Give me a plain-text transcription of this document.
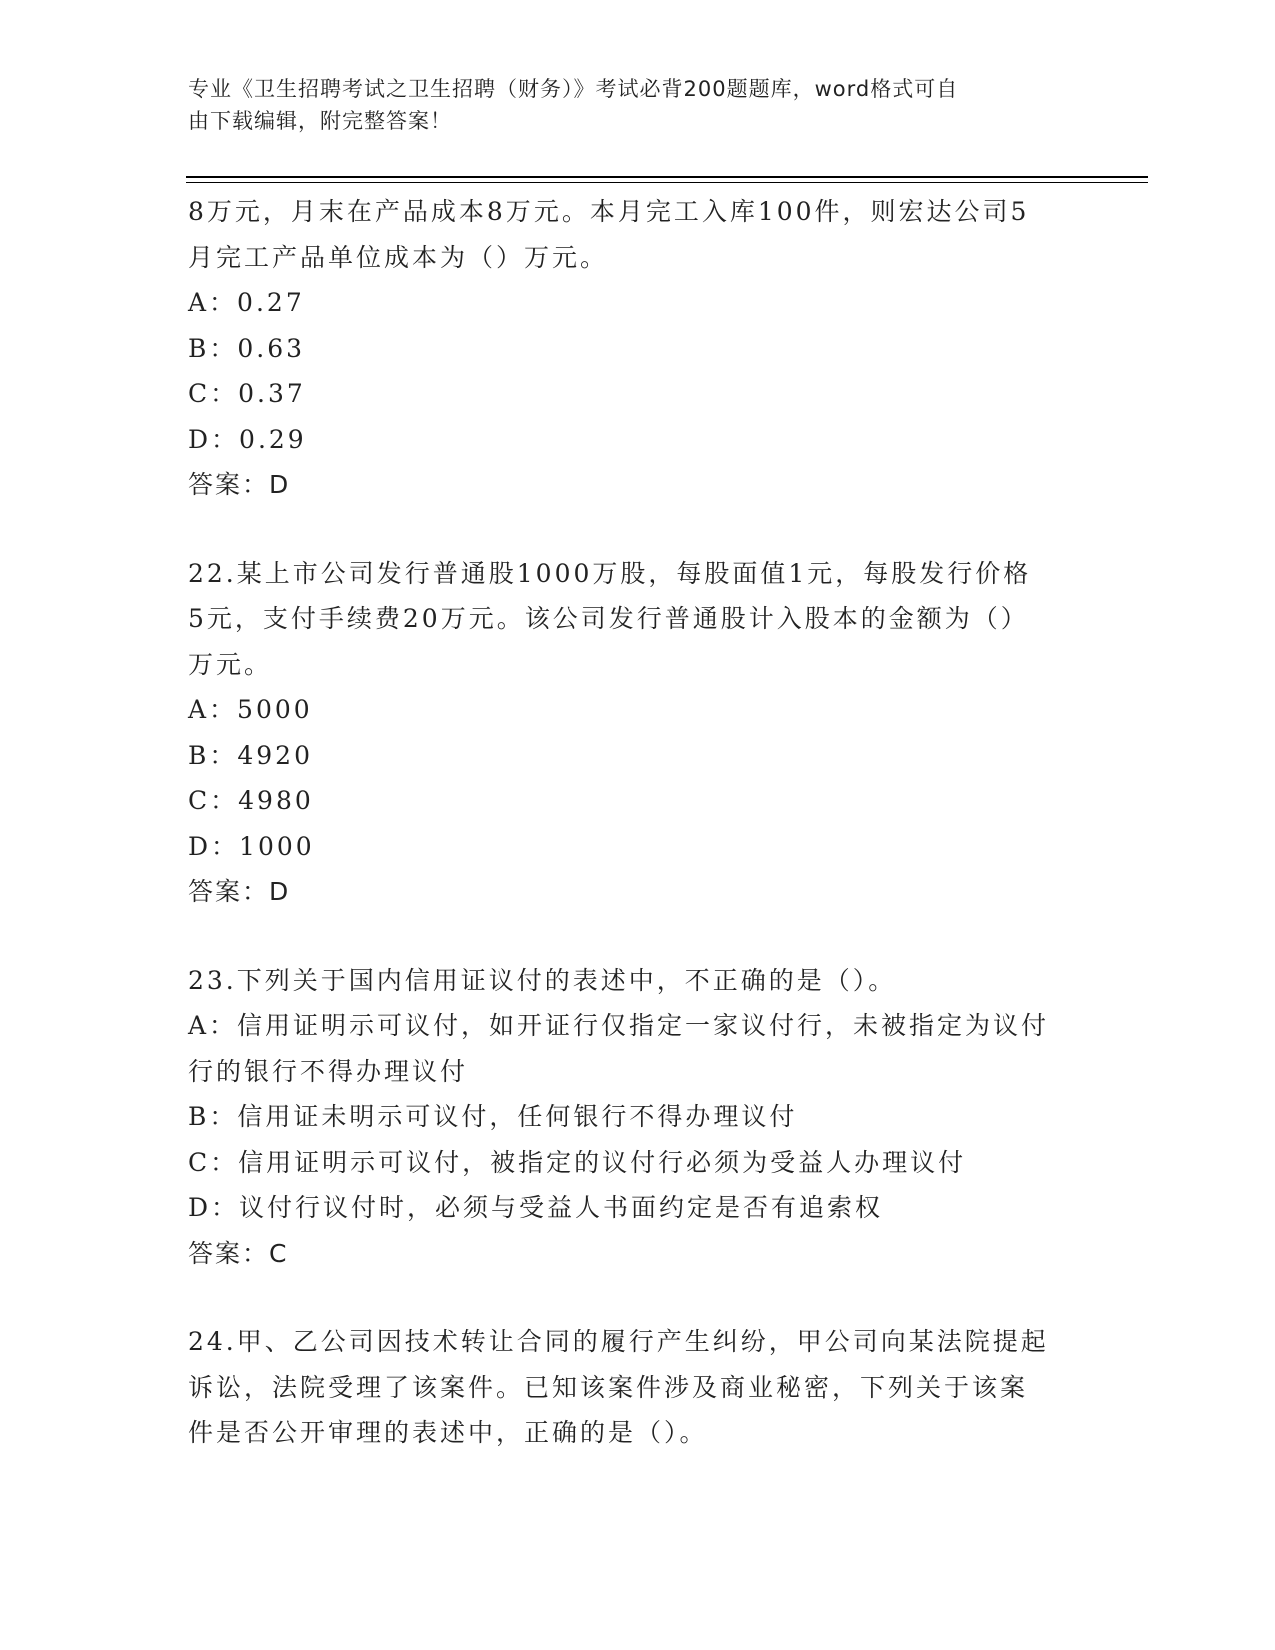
专业《卫生招聘考试之卫生招聘（财务）》考试必背200题题库，word格式可自
由下载编辑，附完整答案！
8万元，月末在产品成本8万元。本月完工入库100件，则宏达公司5
月完工产品单位成本为（）万元。
A：0.27
B：0.63
C：0.37
D：0.29
答案：D
22.某上市公司发行普通股1000万股，每股面值1元，每股发行价格
5元，支付手续费20万元。该公司发行普通股计入股本的金额为（）
万元。
A：5000
B：4920
C：4980
D：1000
答案：D
23.下列关于国内信用证议付的表述中，不正确的是（）。
A：信用证明示可议付，如开证行仅指定一家议付行，未被指定为议付
行的银行不得办理议付
B：信用证未明示可议付，任何银行不得办理议付
C：信用证明示可议付，被指定的议付行必须为受益人办理议付
D：议付行议付时，必须与受益人书面约定是否有追索权
答案：C
24.甲、乙公司因技术转让合同的履行产生纠纷，甲公司向某法院提起
诉讼，法院受理了该案件。已知该案件涉及商业秘密，下列关于该案
件是否公开审理的表述中，正确的是（）。
